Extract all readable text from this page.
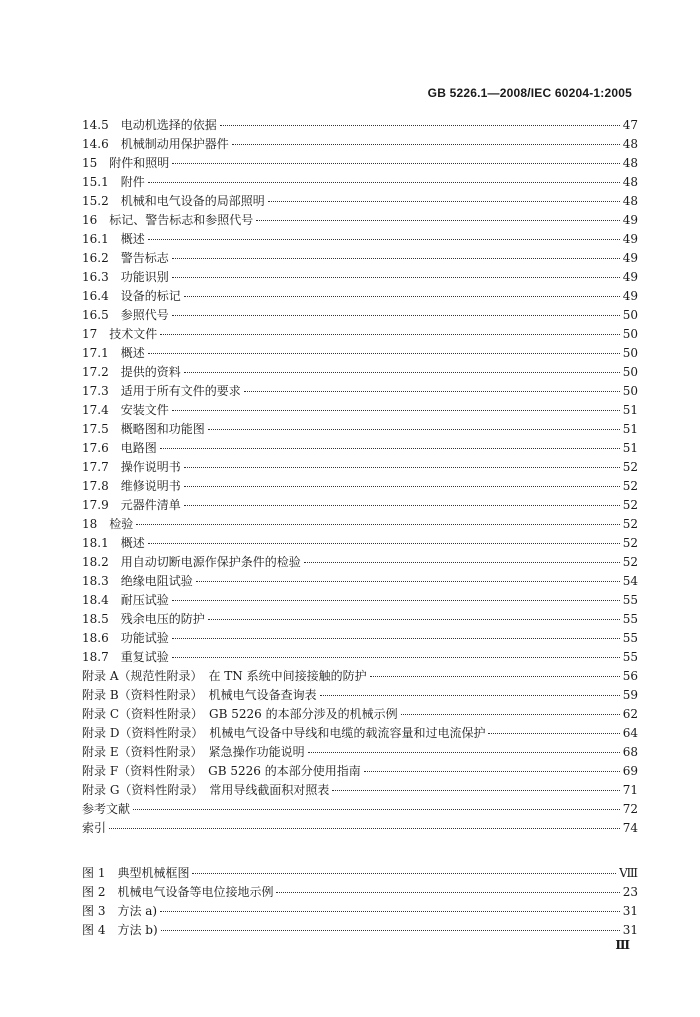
GB 5226.1—2008/IEC 60204-1:2005
14.5　电动机选择的依据	47
14.6　机械制动用保护器件	48
15　附件和照明	48
15.1　附件	48
15.2　机械和电气设备的局部照明	48
16　标记、警告标志和参照代号	49
16.1　概述	49
16.2　警告标志	49
16.3　功能识别	49
16.4　设备的标记	49
16.5　参照代号	50
17　技术文件	50
17.1　概述	50
17.2　提供的资料	50
17.3　适用于所有文件的要求	50
17.4　安装文件	51
17.5　概略图和功能图	51
17.6　电路图	51
17.7　操作说明书	52
17.8　维修说明书	52
17.9　元器件清单	52
18　检验	52
18.1　概述	52
18.2　用自动切断电源作保护条件的检验	52
18.3　绝缘电阻试验	54
18.4　耐压试验	55
18.5　残余电压的防护	55
18.6　功能试验	55
18.7　重复试验	55
附录 A（规范性附录）　在 TN 系统中间接接触的防护	56
附录 B（资料性附录）　机械电气设备查询表	59
附录 C（资料性附录）　GB 5226 的本部分涉及的机械示例	62
附录 D（资料性附录）　机械电气设备中导线和电缆的载流容量和过电流保护	64
附录 E（资料性附录）　紧急操作功能说明	68
附录 F（资料性附录）　GB 5226 的本部分使用指南	69
附录 G（资料性附录）　常用导线截面积对照表	71
参考文献	72
索引	74
图 1　典型机械框图	Ⅷ
图 2　机械电气设备等电位接地示例	23
图 3　方法 a)	31
图 4　方法 b)	31
Ⅲ
